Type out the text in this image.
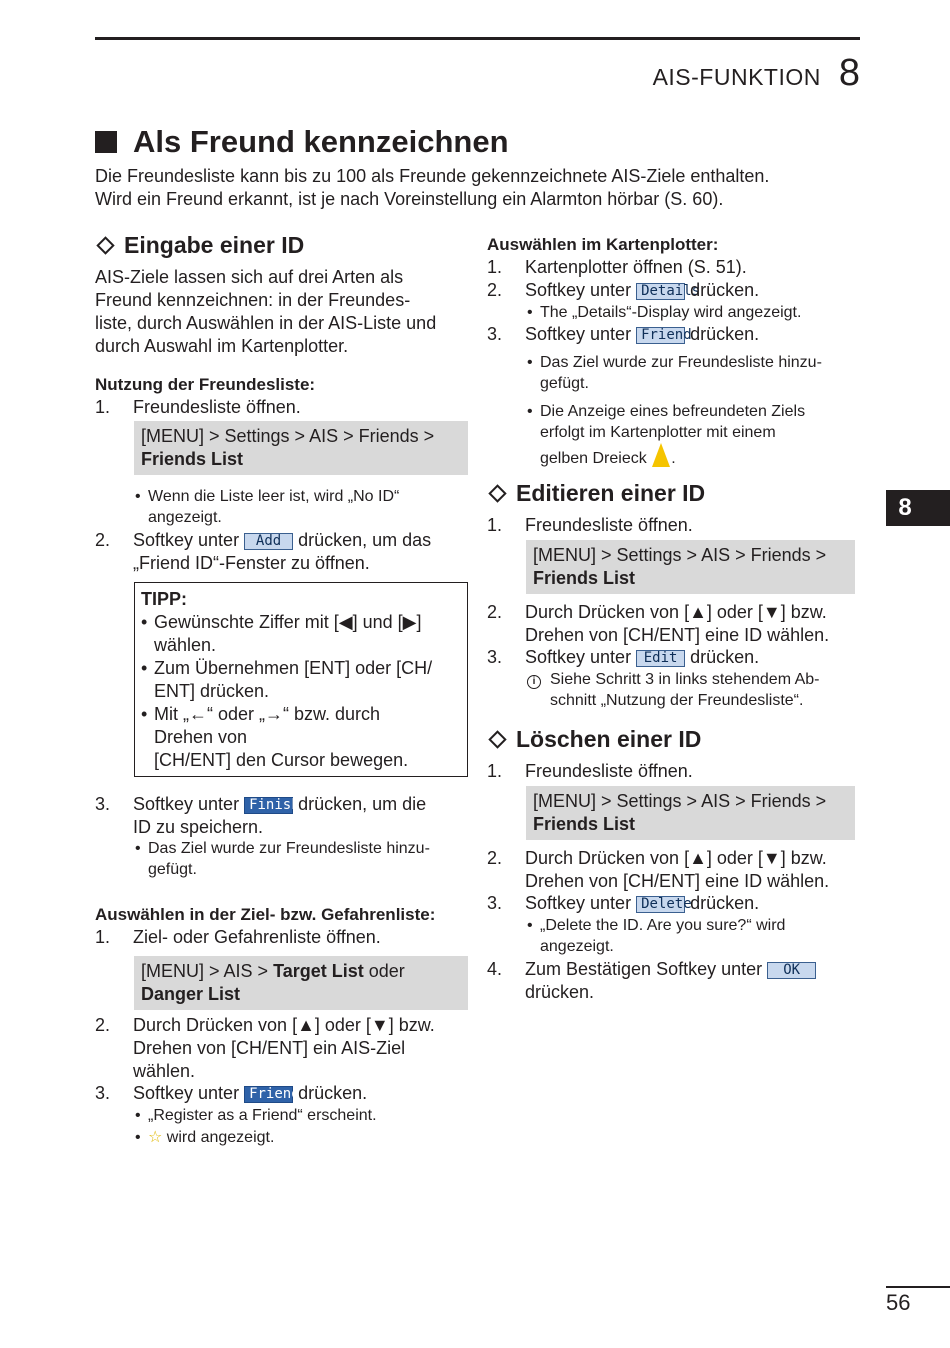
AIS-FUNKTION 8
8
Als Freund kennzeichnen
Die Freundesliste kann bis zu 100 als Freunde gekennzeichnete AIS-Ziele enthalten.
Wird ein Freund erkannt, ist je nach Voreinstellung ein Alarmton hörbar (S. 60).
Eingabe einer ID
AIS-Ziele lassen sich auf drei Arten als
Freund kennzeichnen: in der Freundes-
liste, durch Auswählen in der AIS-Liste und
durch Auswahl im Kartenplotter.
Nutzung der Freundesliste:
1.	Freundesliste öffnen.
[MENU] > Settings > AIS > Friends >
Friends List
• Wenn die Liste leer ist, wird „No ID“
angezeigt.
2.	Softkey unter Add drücken, um das
„Friend ID“-Fenster zu öffnen.
TIPP:
• Gewünschte Ziffer mit [◀] und [▶]
wählen.
• Zum Übernehmen [ENT] oder [CH/
ENT] drücken.
• Mit „←“ oder „→“ bzw. durch
Drehen von
[CH/ENT] den Cursor bewegen.
3.	Softkey unter Finish drücken, um die
ID zu speichern.
• Das Ziel wurde zur Freundesliste hinzu-
gefügt.
Auswählen in der Ziel- bzw. Gefahrenliste:
1.	Ziel- oder Gefahrenliste öffnen.
[MENU] > AIS > Target List oder
Danger List
2.	Durch Drücken von [▲] oder [▼] bzw.
Drehen von [CH/ENT] ein AIS-Ziel
wählen.
3.	Softkey unter Friend drücken.
• „Register as a Friend“ erscheint.
• ☆ wird angezeigt.
Auswählen im Kartenplotter:
1.	Kartenplotter öffnen (S. 51).
2.	Softkey unter Details drücken.
• The „Details“-Display wird angezeigt.
3.	Softkey unter Friend drücken.
• Das Ziel wurde zur Freundesliste hinzu-
gefügt.
• Die Anzeige eines befreundeten Ziels
erfolgt im Kartenplotter mit einem
gelben Dreieck .
Editieren einer ID
1.	Freundesliste öffnen.
[MENU] > Settings > AIS > Friends >
Friends List
2.	Durch Drücken von [▲] oder [▼] bzw.
Drehen von [CH/ENT] eine ID wählen.
3.	Softkey unter Edit drücken.
i Siehe Schritt 3 in links stehendem Ab-
schnitt „Nutzung der Freundesliste“.
Löschen einer ID
1.	Freundesliste öffnen.
[MENU] > Settings > AIS > Friends >
Friends List
2.	Durch Drücken von [▲] oder [▼] bzw.
Drehen von [CH/ENT] eine ID wählen.
3.	Softkey unter Delete drücken.
• „Delete the ID. Are you sure?“ wird
angezeigt.
4.	Zum Bestätigen Softkey unter OK
drücken.
56
